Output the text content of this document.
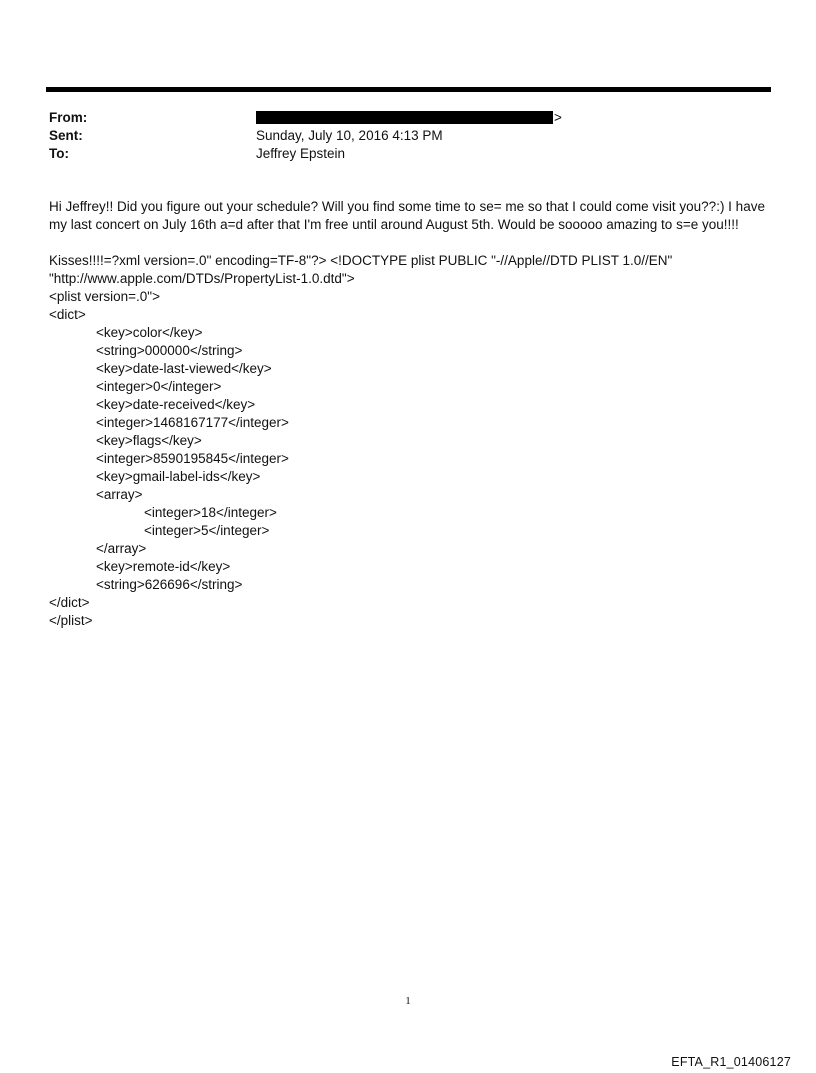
From:	>
Sent:	Sunday, July 10, 2016 4:13 PM
To:	Jeffrey Epstein

Hi Jeffrey!! Did you figure out your schedule? Will you find some time to se= me so that I could come visit you??:) I have

my last concert on July 16th a=d after that I'm free until around August 5th. Would be sooooo amazing to s=e you!!!!

Kisses!!!!=?xml version=.0" encoding=TF-8"?> <!DOCTYPE plist PUBLIC "-//Apple//DTD PLIST 1.0//EN"

"http://www.apple.com/DTDs/PropertyList-1.0.dtd">

<plist version=.0">

<dict>

<key>color</key>

<string>000000</string>

<key>date-last-viewed</key>

<integer>0</integer>

<key>date-received</key>

<integer>1468167177</integer>

<key>flags</key>

<integer>8590195845</integer>

<key>gmail-label-ids</key>

<array>

<integer>18</integer>

<integer>5</integer>

</array>

<key>remote-id</key>

<string>626696</string>

</dict>

</plist>

1
EFTA_R1_01406127
